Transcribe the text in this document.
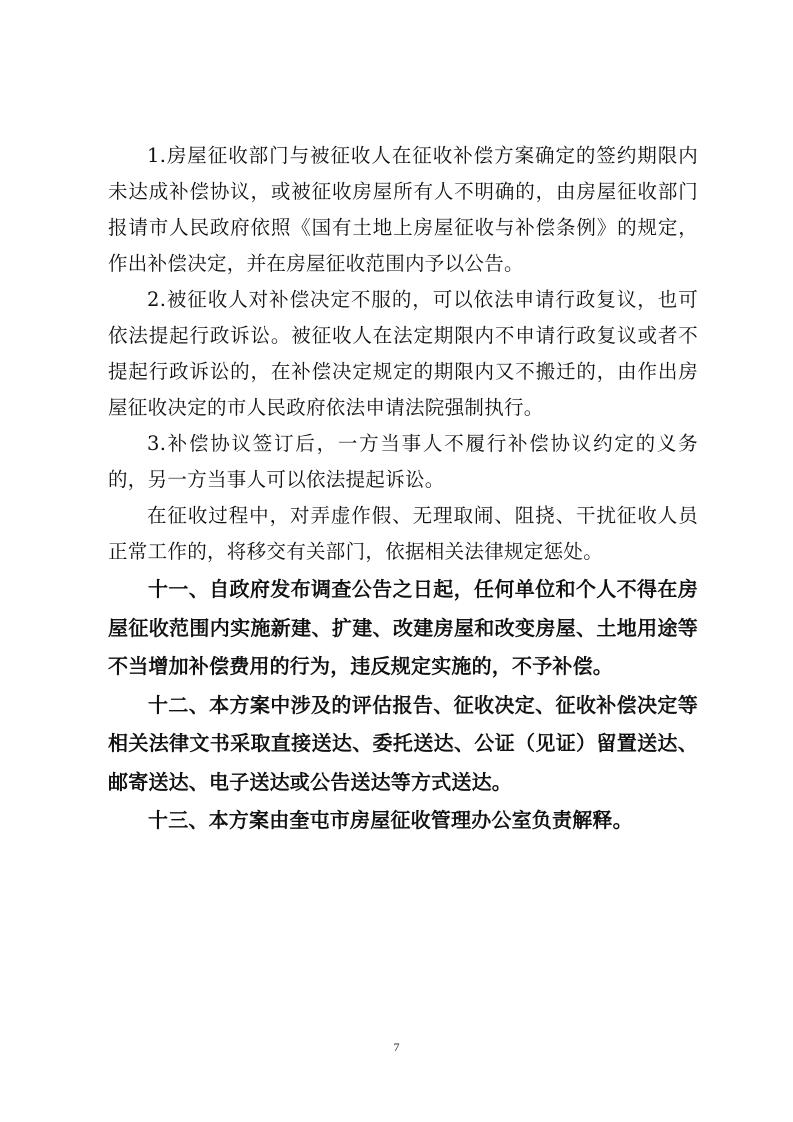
1.房屋征收部门与被征收人在征收补偿方案确定的签约期限内未达成补偿协议，或被征收房屋所有人不明确的，由房屋征收部门报请市人民政府依照《国有土地上房屋征收与补偿条例》的规定，作出补偿决定，并在房屋征收范围内予以公告。

2.被征收人对补偿决定不服的，可以依法申请行政复议，也可依法提起行政诉讼。被征收人在法定期限内不申请行政复议或者不提起行政诉讼的，在补偿决定规定的期限内又不搬迁的，由作出房屋征收决定的市人民政府依法申请法院强制执行。

3.补偿协议签订后，一方当事人不履行补偿协议约定的义务的，另一方当事人可以依法提起诉讼。

在征收过程中，对弄虚作假、无理取闹、阻挠、干扰征收人员正常工作的，将移交有关部门，依据相关法律规定惩处。

十一、自政府发布调查公告之日起，任何单位和个人不得在房屋征收范围内实施新建、扩建、改建房屋和改变房屋、土地用途等不当增加补偿费用的行为，违反规定实施的，不予补偿。

十二、本方案中涉及的评估报告、征收决定、征收补偿决定等相关法律文书采取直接送达、委托送达、公证（见证）留置送达、邮寄送达、电子送达或公告送达等方式送达。

十三、本方案由奎屯市房屋征收管理办公室负责解释。

7
